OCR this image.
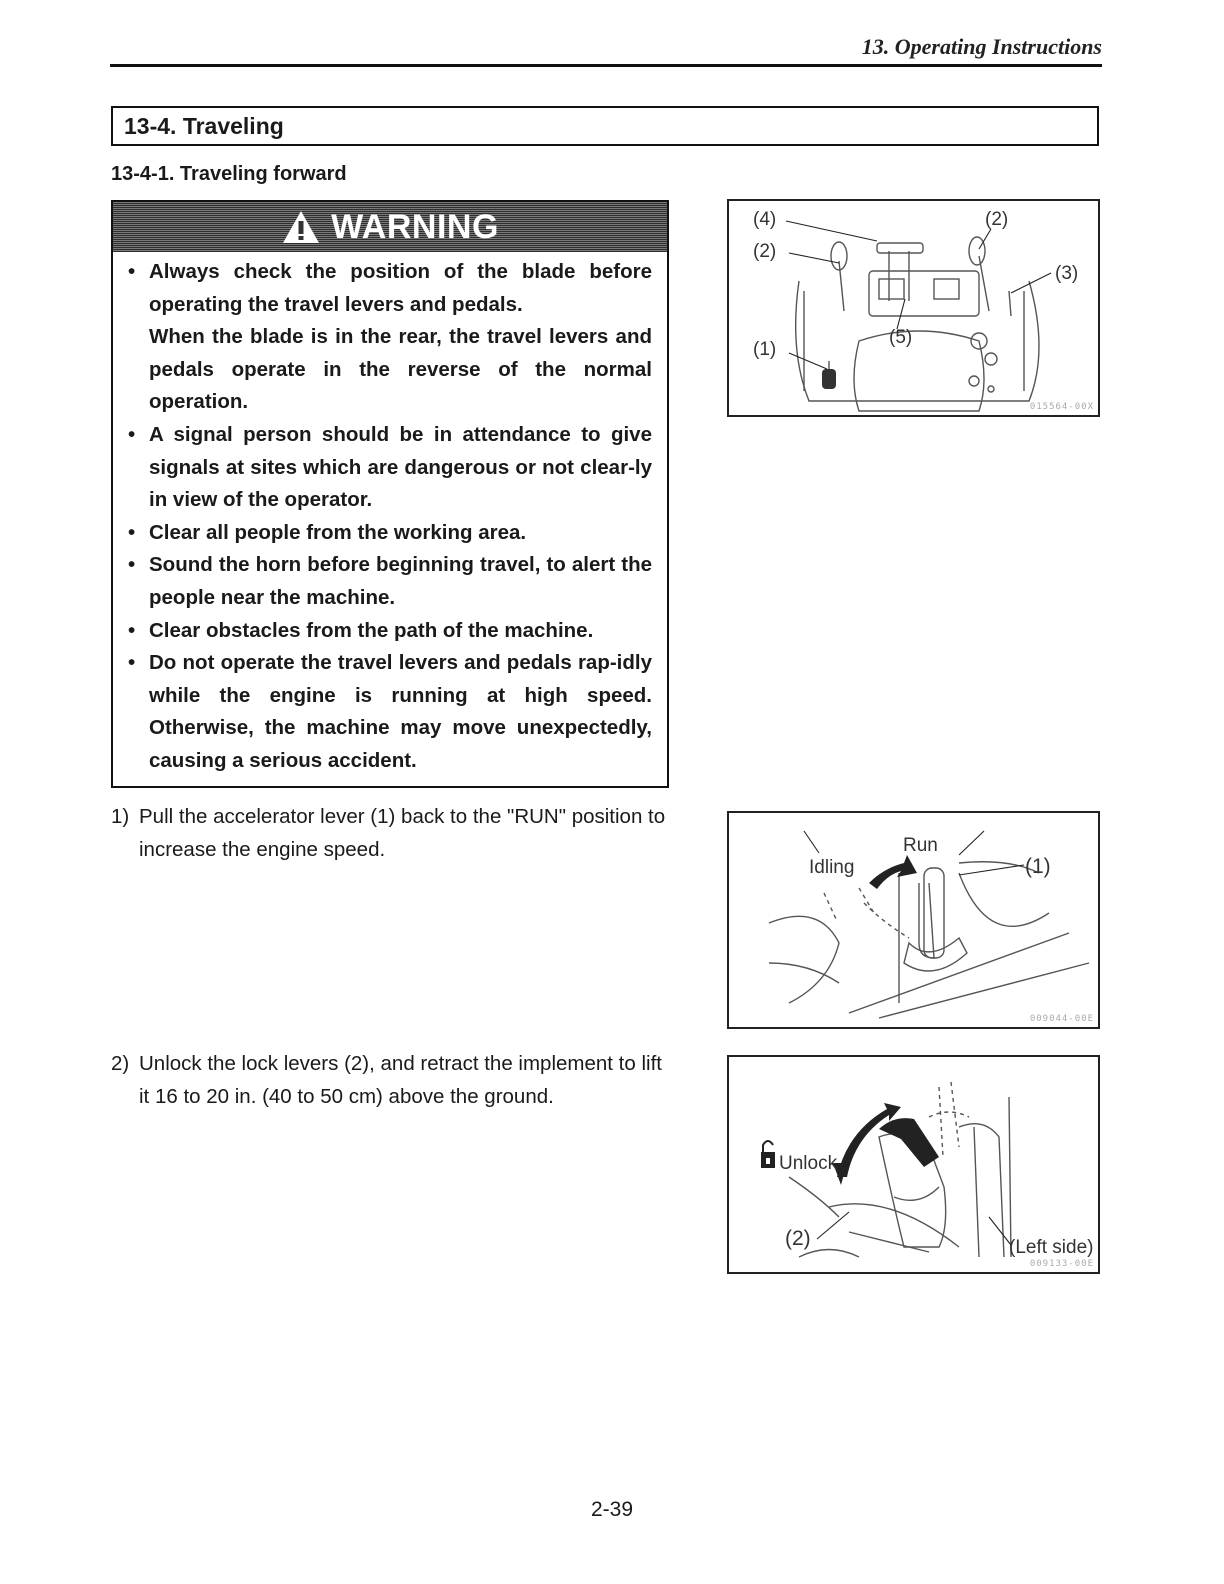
13. Operating Instructions
13-4. Traveling
13-4-1. Traveling forward
WARNING
• Always check the position of the blade before operating the travel levers and pedals.

When the blade is in the rear, the travel levers and pedals operate in the reverse of the normal operation.

• A signal person should be in attendance to give signals at sites which are dangerous or not clear-ly in view of the operator.

• Clear all people from the working area.

• Sound the horn before beginning travel, to alert the people near the machine.

• Clear obstacles from the path of the machine.

• Do not operate the travel levers and pedals rap-idly while the engine is running at high speed. Otherwise, the machine may move unexpectedly, causing a serious accident.

1) Pull the accelerator lever (1) back to the "RUN" position to increase the engine speed.
2) Unlock the lock levers (2), and retract the implement to lift it 16 to 20 in. (40 to 50 cm) above the ground.
(4)
(2)
(2)
(3)
(1)
(5)
015564-00X
Run
Idling	(1)
009044-00E
Unlock
(2)	(Left side)
009133-00E
2-39
